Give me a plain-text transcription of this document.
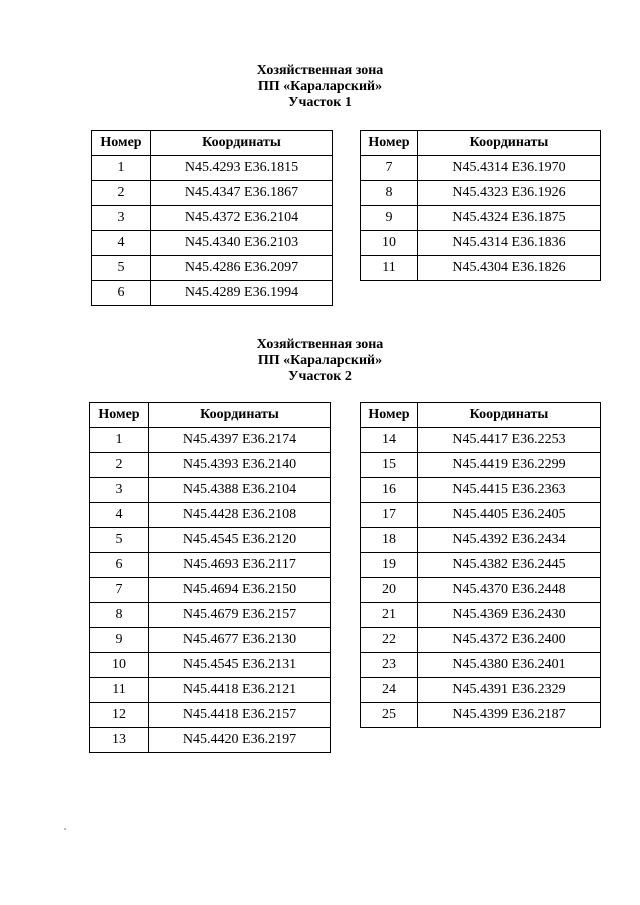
Хозяйственная зона
ПП «Караларский»
Участок 1
Номер	Координаты
1	N45.4293 E36.1815
2	N45.4347 E36.1867
3	N45.4372 E36.2104
4	N45.4340 E36.2103
5	N45.4286 E36.2097
6	N45.4289 E36.1994
Номер	Координаты
7	N45.4314 E36.1970
8	N45.4323 E36.1926
9	N45.4324 E36.1875
10	N45.4314 E36.1836
11	N45.4304 E36.1826
Хозяйственная зона
ПП «Караларский»
Участок 2
Номер	Координаты
1	N45.4397 E36.2174
2	N45.4393 E36.2140
3	N45.4388 E36.2104
4	N45.4428 E36.2108
5	N45.4545 E36.2120
6	N45.4693 E36.2117
7	N45.4694 E36.2150
8	N45.4679 E36.2157
9	N45.4677 E36.2130
10	N45.4545 E36.2131
11	N45.4418 E36.2121
12	N45.4418 E36.2157
13	N45.4420 E36.2197
Номер	Координаты
14	N45.4417 E36.2253
15	N45.4419 E36.2299
16	N45.4415 E36.2363
17	N45.4405 E36.2405
18	N45.4392 E36.2434
19	N45.4382 E36.2445
20	N45.4370 E36.2448
21	N45.4369 E36.2430
22	N45.4372 E36.2400
23	N45.4380 E36.2401
24	N45.4391 E36.2329
25	N45.4399 E36.2187
